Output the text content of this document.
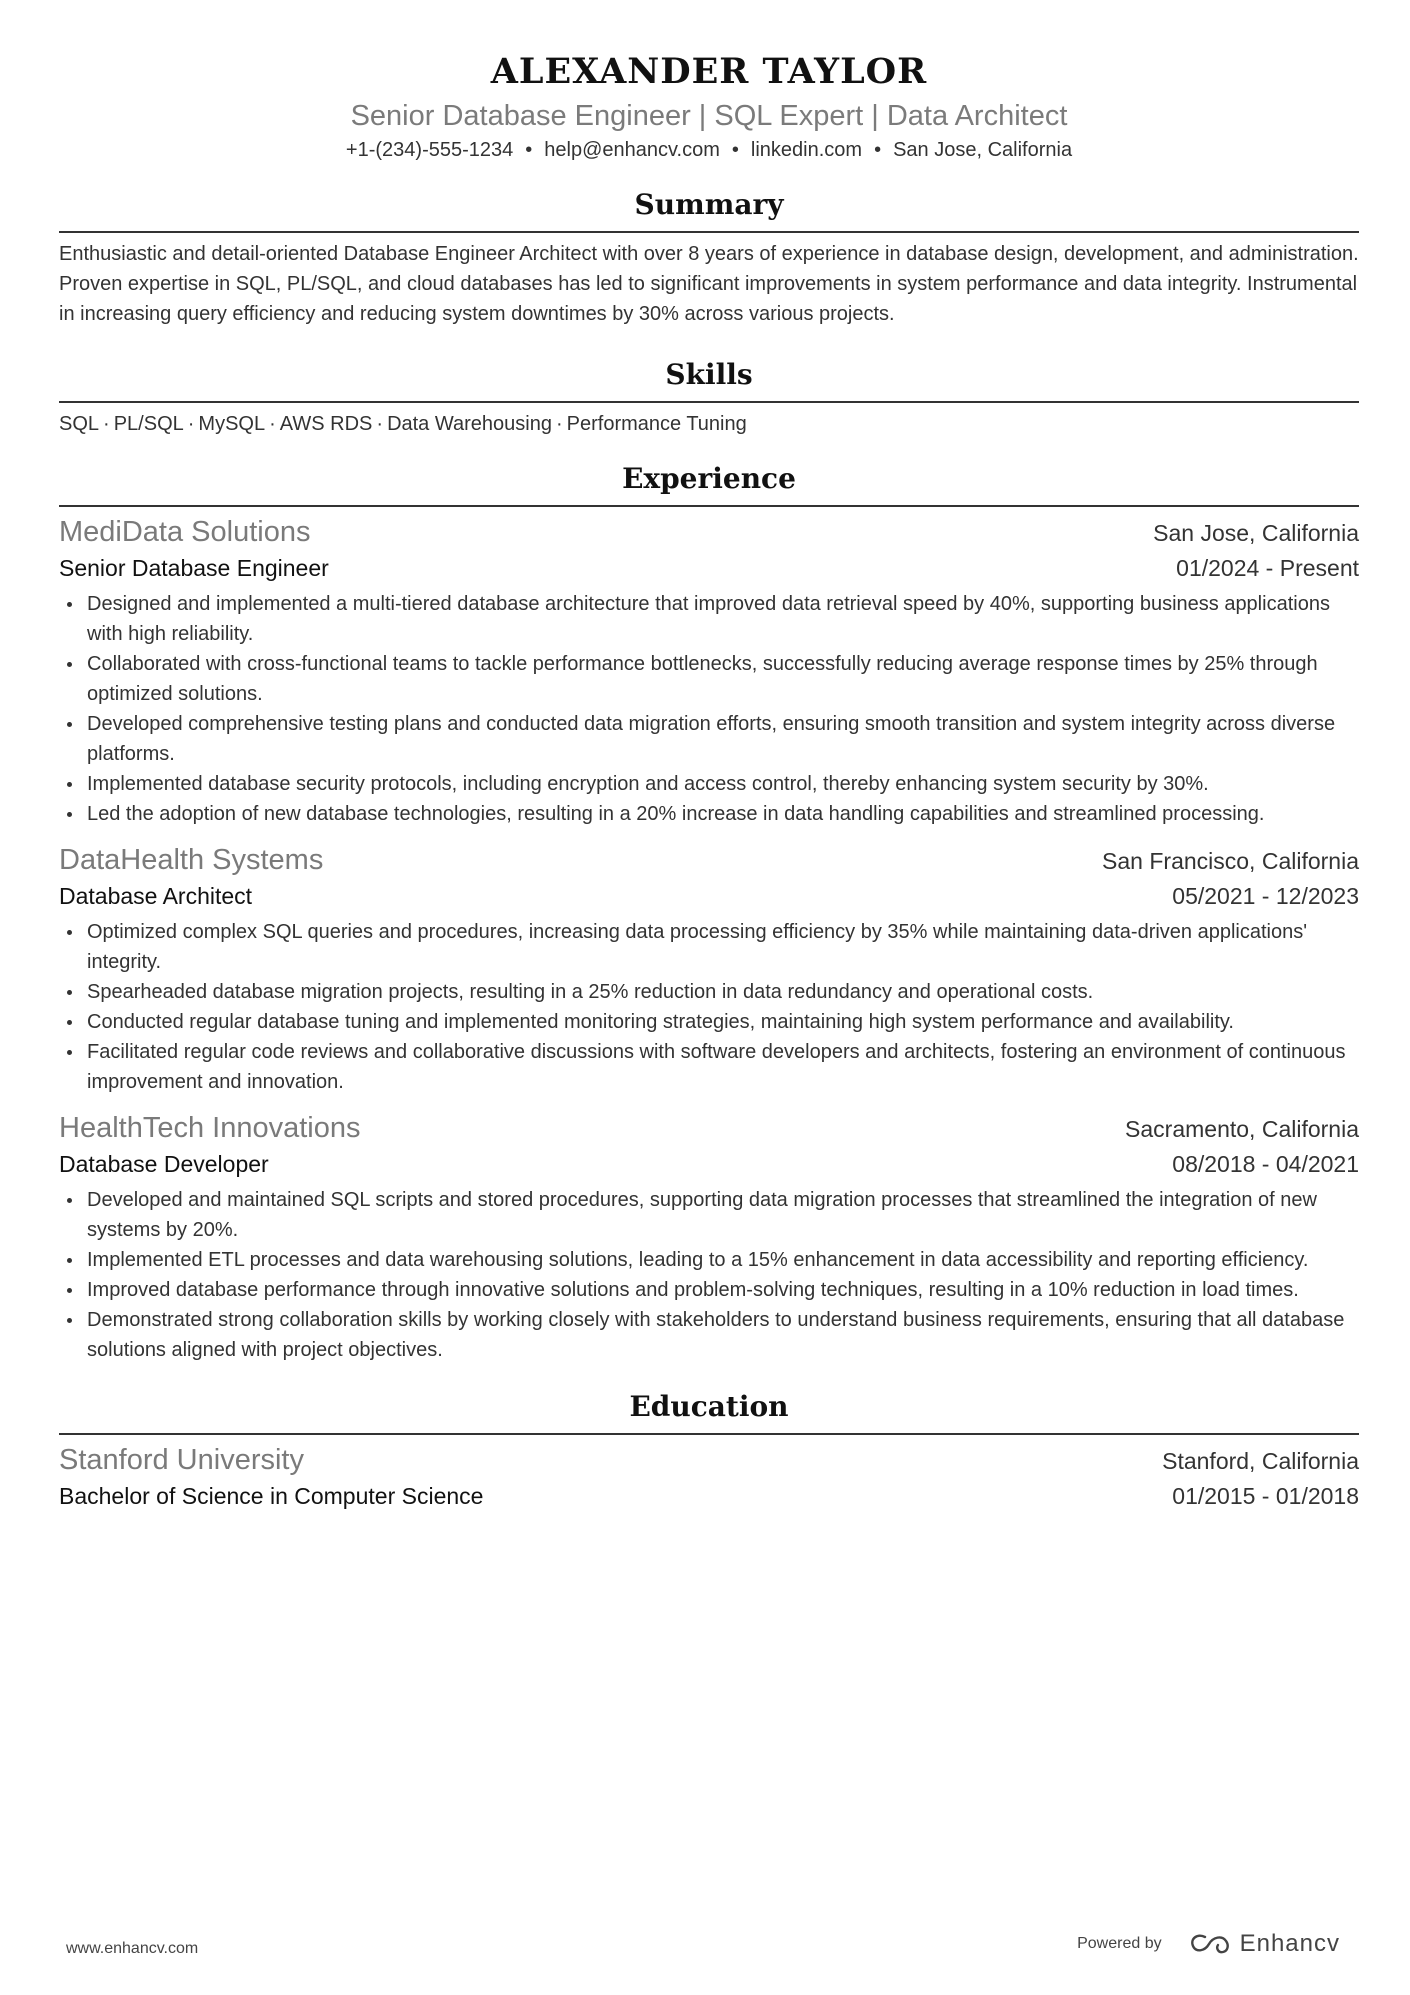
ALEXANDER TAYLOR
Senior Database Engineer | SQL Expert | Data Architect
+1-(234)-555-1234 • help@enhancv.com • linkedin.com • San Jose, California
Summary
Enthusiastic and detail-oriented Database Engineer Architect with over 8 years of experience in database design, development, and administration. Proven expertise in SQL, PL/SQL, and cloud databases has led to significant improvements in system performance and data integrity. Instrumental in increasing query efficiency and reducing system downtimes by 30% across various projects.
Skills
SQL · PL/SQL · MySQL · AWS RDS · Data Warehousing · Performance Tuning
Experience
MediData Solutions	San Jose, California
Senior Database Engineer	01/2024 - Present
Designed and implemented a multi-tiered database architecture that improved data retrieval speed by 40%, supporting business applications with high reliability.
Collaborated with cross-functional teams to tackle performance bottlenecks, successfully reducing average response times by 25% through optimized solutions.
Developed comprehensive testing plans and conducted data migration efforts, ensuring smooth transition and system integrity across diverse platforms.
Implemented database security protocols, including encryption and access control, thereby enhancing system security by 30%.
Led the adoption of new database technologies, resulting in a 20% increase in data handling capabilities and streamlined processing.
DataHealth Systems	San Francisco, California
Database Architect	05/2021 - 12/2023
Optimized complex SQL queries and procedures, increasing data processing efficiency by 35% while maintaining data-driven applications' integrity.
Spearheaded database migration projects, resulting in a 25% reduction in data redundancy and operational costs.
Conducted regular database tuning and implemented monitoring strategies, maintaining high system performance and availability.
Facilitated regular code reviews and collaborative discussions with software developers and architects, fostering an environment of continuous improvement and innovation.
HealthTech Innovations	Sacramento, California
Database Developer	08/2018 - 04/2021
Developed and maintained SQL scripts and stored procedures, supporting data migration processes that streamlined the integration of new systems by 20%.
Implemented ETL processes and data warehousing solutions, leading to a 15% enhancement in data accessibility and reporting efficiency.
Improved database performance through innovative solutions and problem-solving techniques, resulting in a 10% reduction in load times.
Demonstrated strong collaboration skills by working closely with stakeholders to understand business requirements, ensuring that all database solutions aligned with project objectives.
Education
Stanford University	Stanford, California
Bachelor of Science in Computer Science	01/2015 - 01/2018
www.enhancv.com	Powered by	Enhancv
